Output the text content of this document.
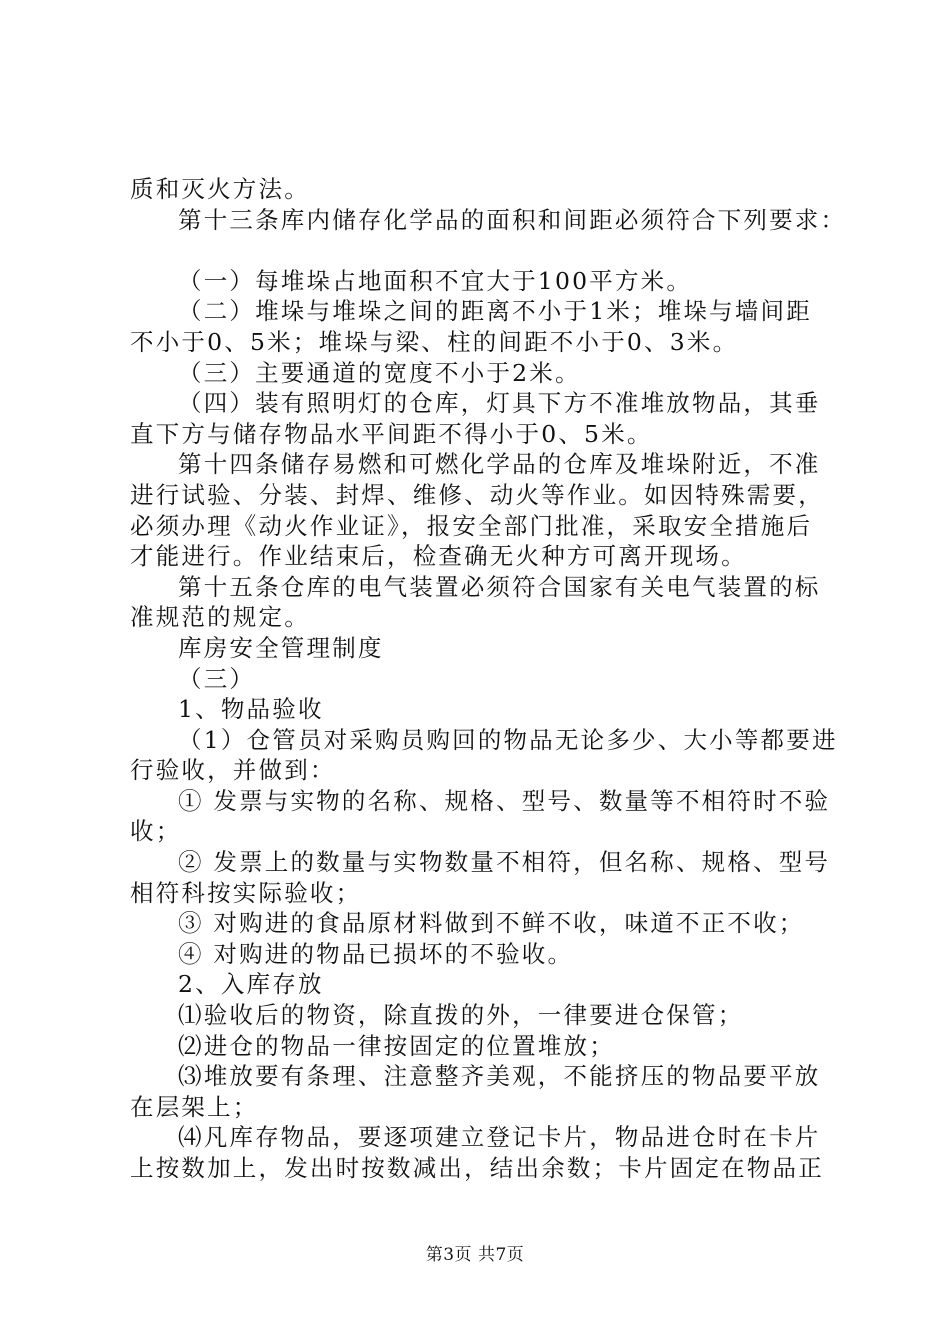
质和灭火方法。
第十三条库内储存化学品的面积和间距必须符合下列要求：
（一）每堆垛占地面积不宜大于100平方米。
（二）堆垛与堆垛之间的距离不小于1米；堆垛与墙间距
不小于0、5米；堆垛与梁、柱的间距不小于0、3米。
（三）主要通道的宽度不小于2米。
（四）装有照明灯的仓库，灯具下方不准堆放物品，其垂
直下方与储存物品水平间距不得小于0、5米。
第十四条储存易燃和可燃化学品的仓库及堆垛附近，不准
进行试验、分装、封焊、维修、动火等作业。如因特殊需要，
必须办理《动火作业证》，报安全部门批准，采取安全措施后
才能进行。作业结束后，检查确无火种方可离开现场。
第十五条仓库的电气装置必须符合国家有关电气装置的标
准规范的规定。
库房安全管理制度
（三）
1、物品验收
（1）仓管员对采购员购回的物品无论多少、大小等都要进
行验收，并做到：
① 发票与实物的名称、规格、型号、数量等不相符时不验
收；
② 发票上的数量与实物数量不相符，但名称、规格、型号
相符科按实际验收；
③ 对购进的食品原材料做到不鲜不收，味道不正不收；
④ 对购进的物品已损坏的不验收。
2、入库存放
⑴验收后的物资，除直拨的外，一律要进仓保管；
⑵进仓的物品一律按固定的位置堆放；
⑶堆放要有条理、注意整齐美观，不能挤压的物品要平放
在层架上；
⑷凡库存物品，要逐项建立登记卡片，物品进仓时在卡片
上按数加上，发出时按数减出，结出余数；卡片固定在物品正
第3页 共7页
